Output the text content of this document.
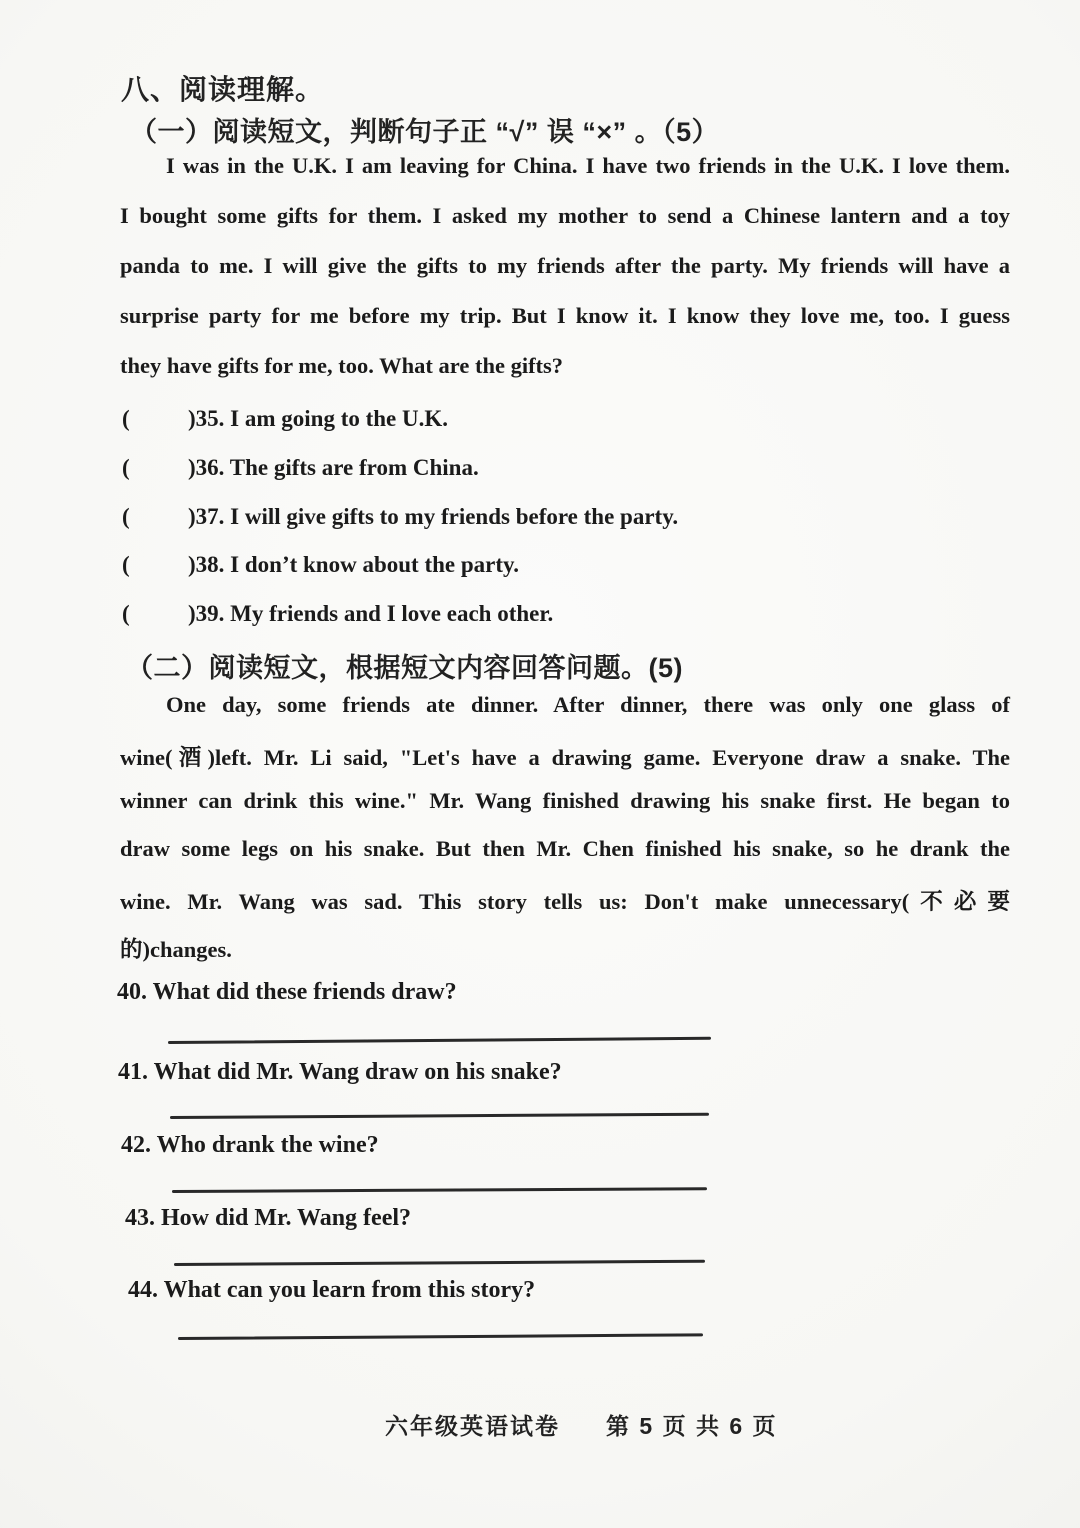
八、阅读理解。
（一）阅读短文，判断句子正 “√” 误 “×” 。（5）
I was in the U.K. I am leaving for China. I have two friends in the U.K. I love them.
I bought some gifts for them. I asked my mother to send a Chinese lantern and a toy
panda to me. I will give the gifts to my friends after the party. My friends will have a
surprise party for me before my trip. But I know it. I know they love me, too. I guess
they have gifts for me, too. What are the gifts?
(	)35. I am going to the U.K.
(	)36. The gifts are from China.
(	)37. I will give gifts to my friends before the party.
(	)38. I don’t know about the party.
(	)39. My friends and I love each other.
（二）阅读短文，根据短文内容回答问题。(5)
One day, some friends ate dinner. After dinner, there was only one glass of
wine(酒)left. Mr. Li said, "Let's have a drawing game. Everyone draw a snake. The
winner can drink this wine." Mr. Wang finished drawing his snake first. He began to
draw some legs on his snake. But then Mr. Chen finished his snake, so he drank the
wine. Mr. Wang was sad. This story tells us: Don't make unnecessary(不必要
的)changes.
40. What did these friends draw?
41. What did Mr. Wang draw on his snake?
42. Who drank the wine?
43. How did Mr. Wang feel?
44. What can you learn from this story?
六年级英语试卷 第 5 页 共 6 页
